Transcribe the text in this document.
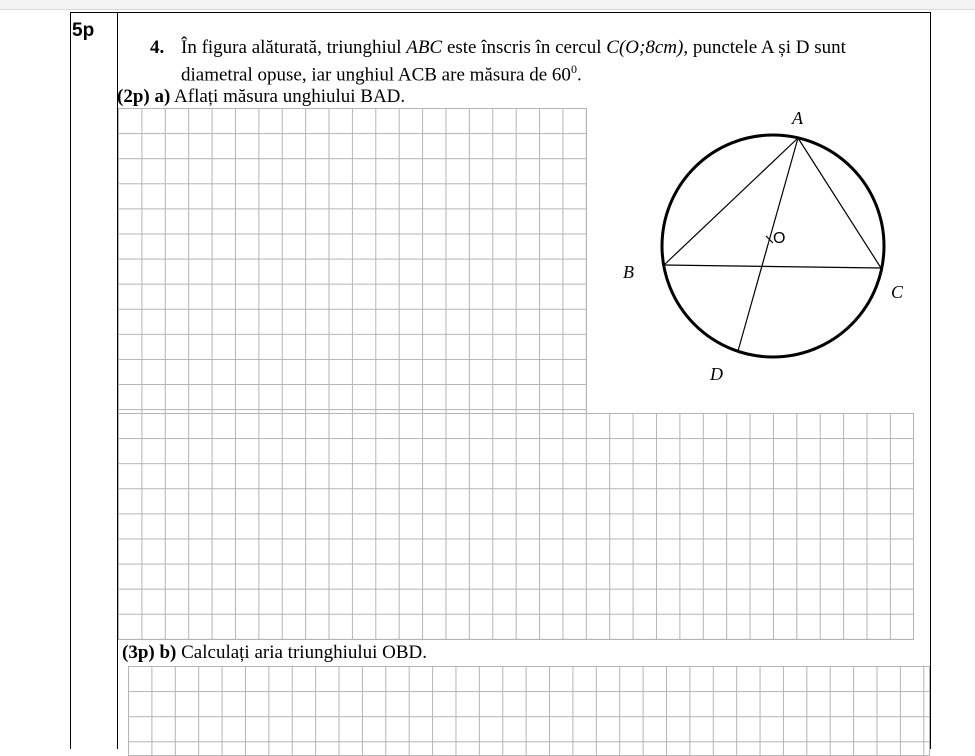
5p
4. În figura alăturată, triunghiul ABC este înscris în cercul C(O;8cm), punctele A și D sunt
diametral opuse, iar unghiul ACB are măsura de $60^0$.
(2p) a) Aflați măsura unghiului BAD.
(3p) b) Calculați aria triunghiului OBD.
A
B
C
D
O
